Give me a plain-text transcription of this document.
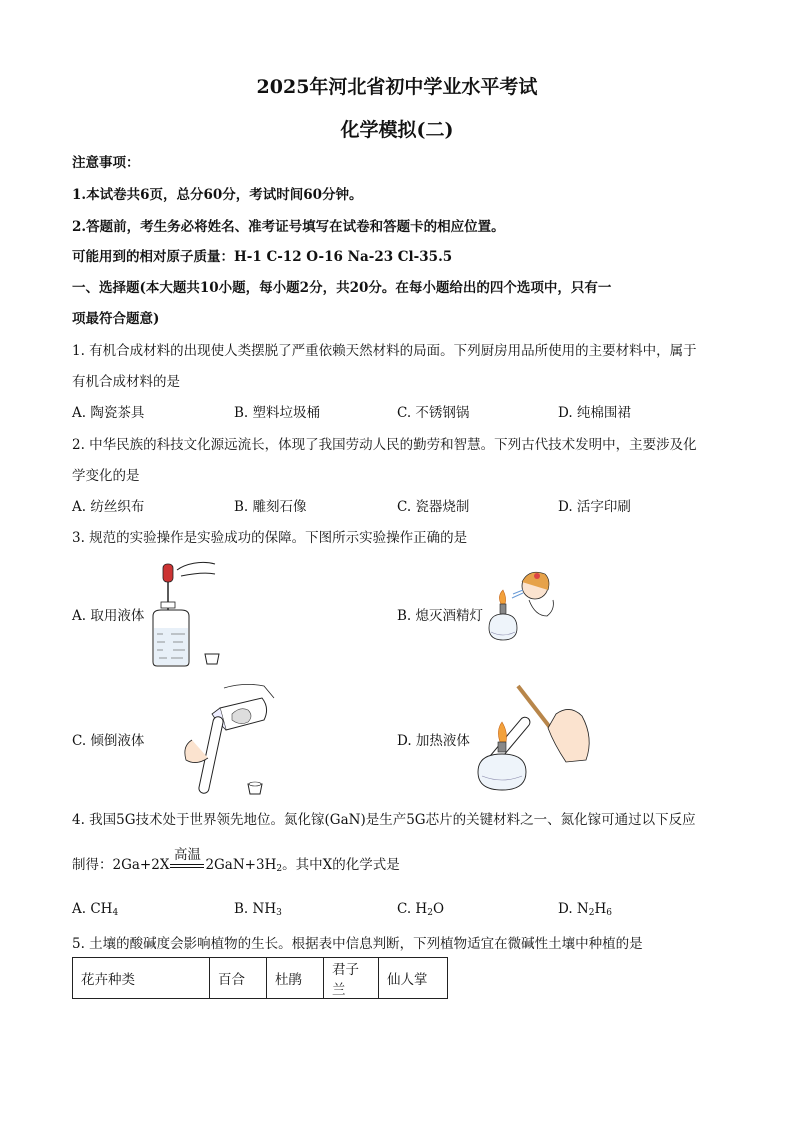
2025年河北省初中学业水平考试
化学模拟(二)
注意事项：
1.本试卷共6页，总分60分，考试时间60分钟。
2.答题前，考生务必将姓名、准考证号填写在试卷和答题卡的相应位置。
可能用到的相对原子质量：H-1 C-12 O-16 Na-23 Cl-35.5
一、选择题(本大题共10小题，每小题2分，共20分。在每小题给出的四个选项中，只有一
项最符合题意)
1. 有机合成材料的出现使人类摆脱了严重依赖天然材料的局面。下列厨房用品所使用的主要材料中，属于
有机合成材料的是
A. 陶瓷茶具	B. 塑料垃圾桶	C. 不锈钢锅	D. 纯棉围裙
2. 中华民族的科技文化源远流长，体现了我国劳动人民的勤劳和智慧。下列古代技术发明中，主要涉及化
学变化的是
A. 纺丝织布	B. 雕刻石像	C. 瓷器烧制	D. 活字印刷
3. 规范的实验操作是实验成功的保障。下图所示实验操作正确的是
A. 取用液体	B. 熄灭酒精灯
C. 倾倒液体	D. 加热液体
4. 我国5G技术处于世界领先地位。氮化镓(GaN)是生产5G芯片的关键材料之一、氮化镓可通过以下反应
制得：2Ga+2X
高温
$2GaN+3H_2$。其中X的化学式是
A. $CH_4$	B. $NH_3$	C. $H_2O$	D. $N_2H_6$
5. 土壤的酸碱度会影响植物的生长。根据表中信息判断，下列植物适宜在微碱性土壤中种植的是
花卉种类	百合	杜鹃	君子兰	仙人掌
